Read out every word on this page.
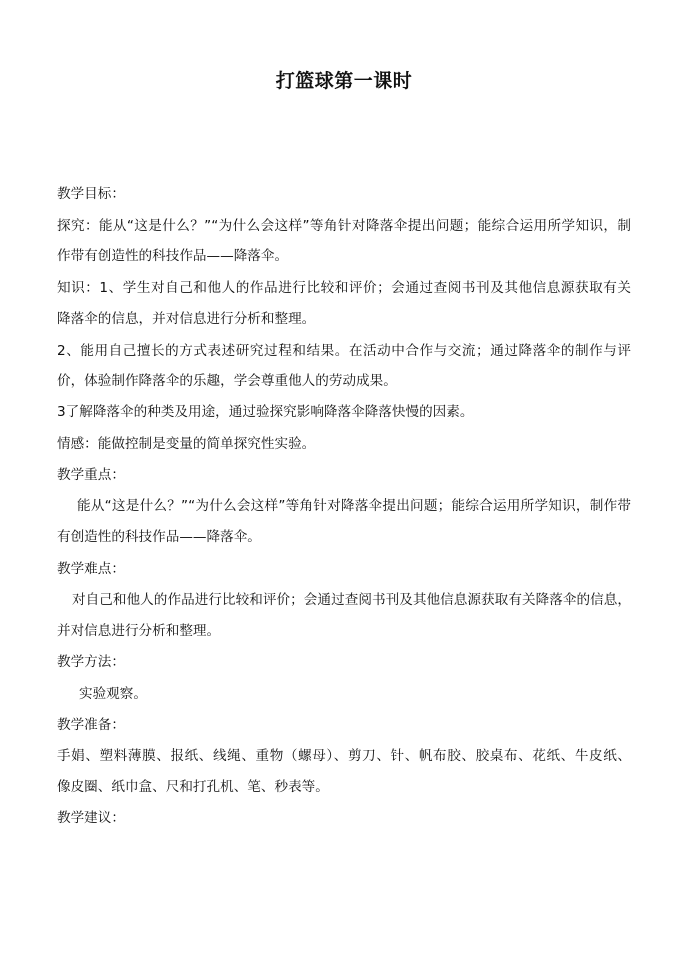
打篮球第一课时
教学目标：
探究：能从“这是什么？”“为什么会这样”等角针对降落伞提出问题；能综合运用所学知识，制
作带有创造性的科技作品——降落伞。
知识：1、学生对自己和他人的作品进行比较和评价；会通过查阅书刊及其他信息源获取有关
降落伞的信息，并对信息进行分析和整理。
2、能用自己擅长的方式表述研究过程和结果。在活动中合作与交流；通过降落伞的制作与评
价，体验制作降落伞的乐趣，学会尊重他人的劳动成果。
3了解降落伞的种类及用途，通过验探究影响降落伞降落快慢的因素。
情感：能做控制是变量的简单探究性实验。
教学重点：
能从“这是什么？”“为什么会这样”等角针对降落伞提出问题；能综合运用所学知识，制作带
有创造性的科技作品——降落伞。
教学难点：
对自己和他人的作品进行比较和评价；会通过查阅书刊及其他信息源获取有关降落伞的信息，
并对信息进行分析和整理。
教学方法：
实验观察。
教学准备：
手娟、塑料薄膜、报纸、线绳、重物（螺母）、剪刀、针、帆布胶、胶桌布、花纸、牛皮纸、
像皮圈、纸巾盒、尺和打孔机、笔、秒表等。
教学建议：
